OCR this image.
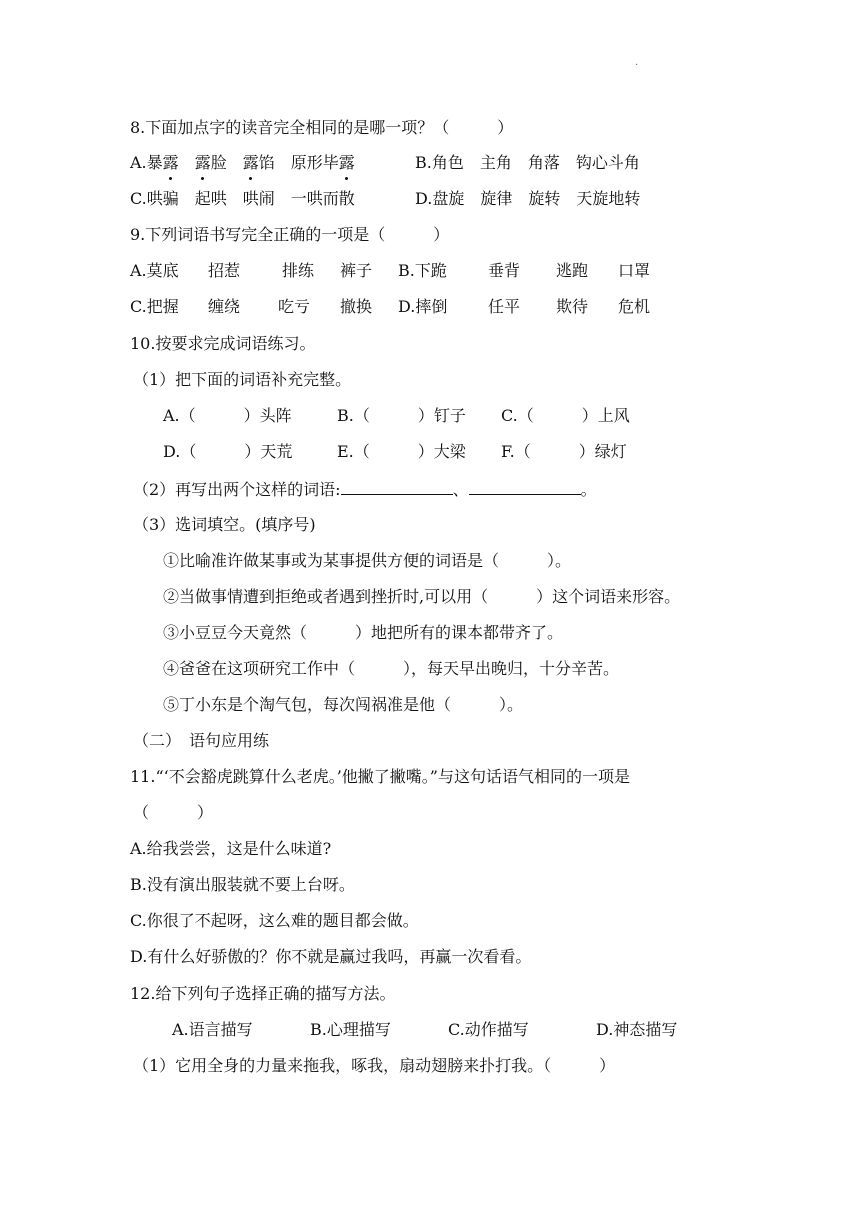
·
8.下面加点字的读音完全相同的是哪一项？（　　　）
A.暴露　 露脸　露馅　原形毕露	B.角色　主角　角落　钩心斗角
C.哄骗　起哄　哄闹　一哄而散	D.盘旋　旋律　旋转　天旋地转
9.下列词语书写完全正确的一项是（　　　）
A.莫底 招惹	排练 裤子 B.下跪	垂背 逃跑 口罩
C.把握 缠绕 吃亏 撤换 D.摔倒	任平 欺待 危机
10.按要求完成词语练习。
（1）把下面的词语补充完整。
A.（　　　）头阵	B.（　　　）钉子 C.（　　　）上风
D.（　　　）天荒	E.（　　　）大梁 F.（　　　）绿灯
（2）再写出两个这样的词语:	、	。
（3）选词填空。(填序号)
①比喻准许做某事或为某事提供方便的词语是（　　　）。
②当做事情遭到拒绝或者遇到挫折时,可以用（　　　）这个词语来形容。
③小豆豆今天竟然（　　　）地把所有的课本都带齐了。
④爸爸在这项研究工作中（　　　），每天早出晚归，十分辛苦。
⑤丁小东是个淘气包，每次闯祸准是他（　　　）。
（二）　语句应用练
11.“‘不会豁虎跳算什么老虎。’他撇了撇嘴。”与这句话语气相同的一项是
（　　　）
A.给我尝尝，这是什么味道?
B.没有演出服装就不要上台呀。
C.你很了不起呀，这么难的题目都会做。
D.有什么好骄傲的？你不就是赢过我吗，再赢一次看看。
12.给下列句子选择正确的描写方法。
A.语言描写	B.心理描写	C.动作描写	D.神态描写
（1）它用全身的力量来拖我，啄我，扇动翅膀来扑打我。（　　　）
